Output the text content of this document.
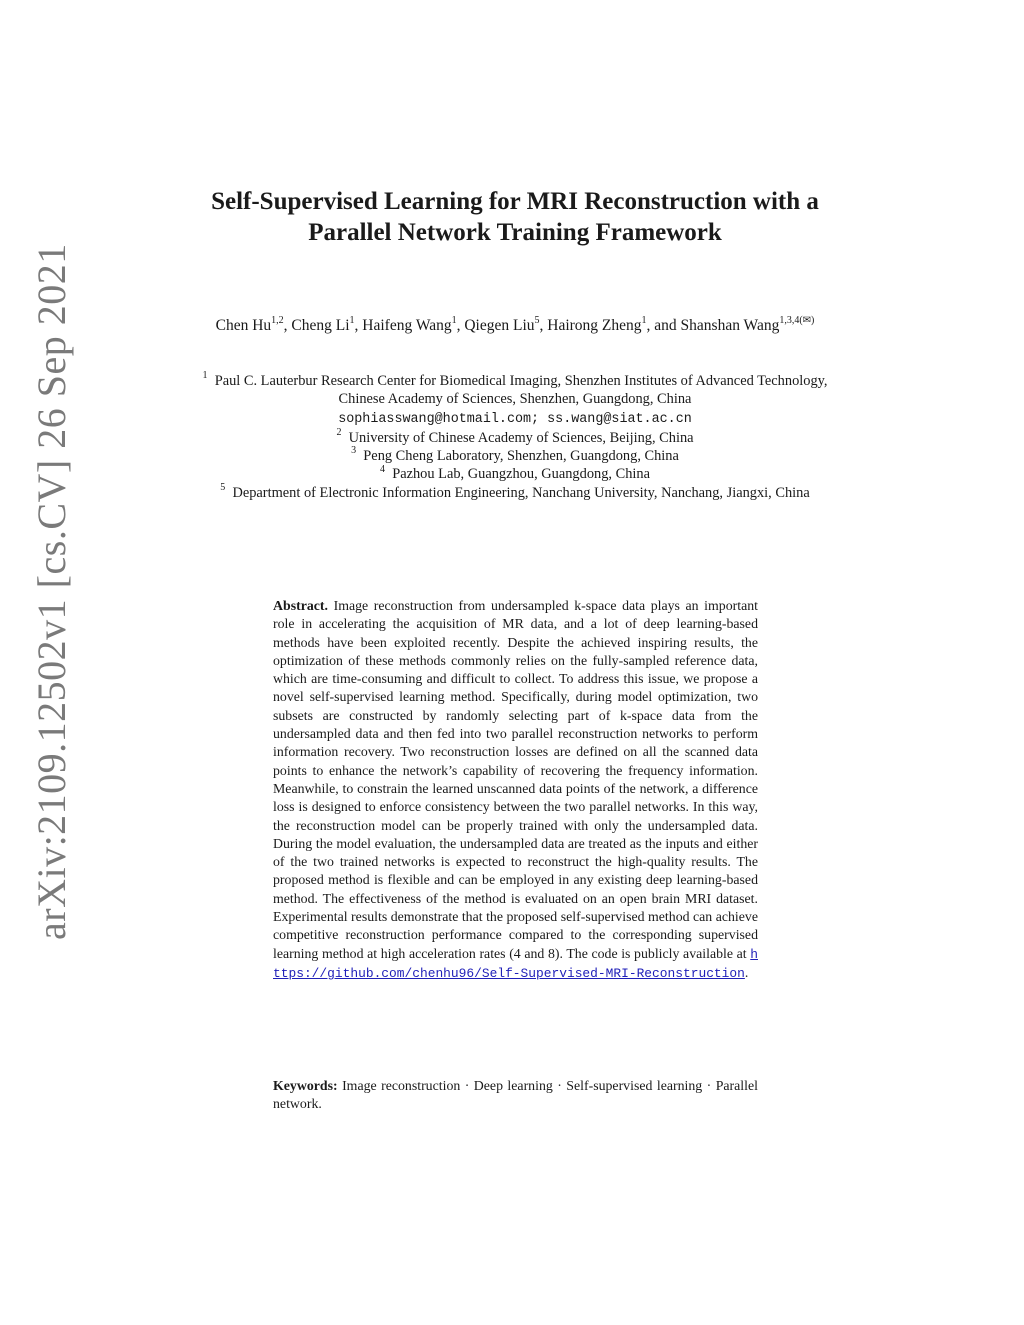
arXiv:2109.12502v1 [cs.CV] 26 Sep 2021
Self-Supervised Learning for MRI Reconstruction with a Parallel Network Training Framework
Chen Hu$^{1,2}$, Cheng Li$^1$, Haifeng Wang$^1$, Qiegen Liu$^5$, Hairong Zheng$^1$, and Shanshan Wang$^{1,3,4(✉)}$
$^1$  Paul C. Lauterbur Research Center for Biomedical Imaging, Shenzhen Institutes of Advanced Technology, Chinese Academy of Sciences, Shenzhen, Guangdong, China
sophiasswang@hotmail.com; ss.wang@siat.ac.cn
$^2$  University of Chinese Academy of Sciences, Beijing, China
$^3$  Peng Cheng Laboratory, Shenzhen, Guangdong, China
$^4$  Pazhou Lab, Guangzhou, Guangdong, China
$^5$  Department of Electronic Information Engineering, Nanchang University, Nanchang, Jiangxi, China
Abstract. Image reconstruction from undersampled k-space data plays an important role in accelerating the acquisition of MR data, and a lot of deep learning-based methods have been exploited recently. Despite the achieved inspiring results, the optimization of these methods commonly relies on the fully-sampled reference data, which are time-consuming and difficult to collect. To address this issue, we propose a novel self-supervised learning method. Specifically, during model optimization, two subsets are constructed by randomly selecting part of k-space data from the undersampled data and then fed into two parallel reconstruction networks to perform information recovery. Two reconstruction losses are defined on all the scanned data points to enhance the network’s capability of recovering the frequency information. Meanwhile, to constrain the learned unscanned data points of the network, a difference loss is designed to enforce consistency between the two parallel networks. In this way, the reconstruction model can be properly trained with only the undersampled data. During the model evaluation, the undersampled data are treated as the inputs and either of the two trained networks is expected to reconstruct the high-quality results. The proposed method is flexible and can be employed in any existing deep learning-based method. The effectiveness of the method is evaluated on an open brain MRI dataset. Experimental results demonstrate that the proposed self-supervised method can achieve competitive reconstruction performance compared to the corresponding supervised learning method at high acceleration rates (4 and 8). The code is publicly available at https://github.com/chenhu96/Self-Supervised-MRI-Reconstruction.
Keywords: Image reconstruction · Deep learning · Self-supervised learning · Parallel network.
